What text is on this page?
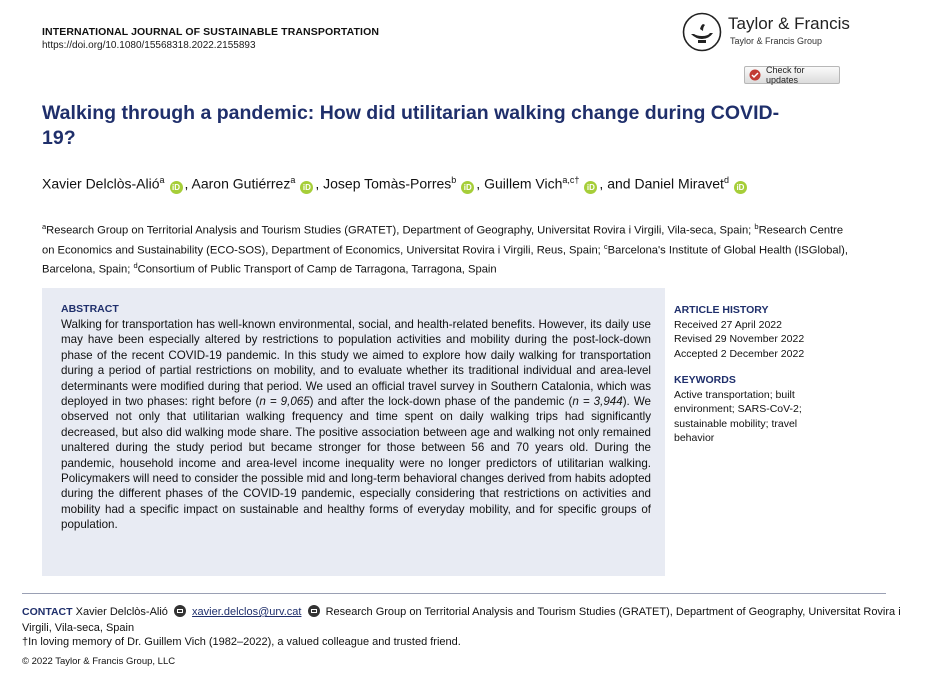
INTERNATIONAL JOURNAL OF SUSTAINABLE TRANSPORTATION
https://doi.org/10.1080/15568318.2022.2155893
Taylor & Francis
Taylor & Francis Group
Check for updates
Walking through a pandemic: How did utilitarian walking change during COVID-19?
Xavier Delclòs-Alió$^a$iD , Aaron Gutiérrez$^a$iD , Josep Tomàs-Porres$^b$iD , Guillem Vich$^{a,c\dagger}$iD , and Daniel Miravet$^d$iD
$^a$Research Group on Territorial Analysis and Tourism Studies (GRATET), Department of Geography, Universitat Rovira i Virgili, Vila-seca, Spain; $^b$Research Centre on Economics and Sustainability (ECO-SOS), Department of Economics, Universitat Rovira i Virgili, Reus, Spain; $^c$Barcelona's Institute of Global Health (ISGlobal), Barcelona, Spain; $^d$Consortium of Public Transport of Camp de Tarragona, Tarragona, Spain
ABSTRACT
Walking for transportation has well-known environmental, social, and health-related benefits. However, its daily use may have been especially altered by restrictions to population activities and mobility during the post-lock-down phase of the recent COVID-19 pandemic. In this study we aimed to explore how daily walking for transportation during a period of partial restrictions on mobility, and to evaluate whether its traditional individual and area-level determinants were modified during that period. We used an official travel survey in Southern Catalonia, which was deployed in two phases: right before (n = 9,065) and after the lock-down phase of the pandemic (n = 3,944). We observed not only that utilitarian walking frequency and time spent on daily walking trips had significantly decreased, but also did walking mode share. The positive association between age and walking not only remained unaltered during the study period but became stronger for those between 56 and 70 years old. During the pandemic, household income and area-level income inequality were no longer predictors of utilitarian walking. Policymakers will need to consider the possible mid and long-term behavioral changes derived from habits adopted during the different phases of the COVID-19 pandemic, especially considering that restrictions on activities and mobility had a specific impact on sustainable and healthy forms of everyday mobility, and for specific groups of population.
ARTICLE HISTORY
Received 27 April 2022
Revised 29 November 2022
Accepted 2 December 2022
KEYWORDS
Active transportation; built environment; SARS-CoV-2; sustainable mobility; travel behavior
CONTACT Xavier Delclòs-Alió xavier.delclos@urv.cat Research Group on Territorial Analysis and Tourism Studies (GRATET), Department of Geography, Universitat Rovira i Virgili, Vila-seca, Spain
†In loving memory of Dr. Guillem Vich (1982–2022), a valued colleague and trusted friend.
© 2022 Taylor & Francis Group, LLC
